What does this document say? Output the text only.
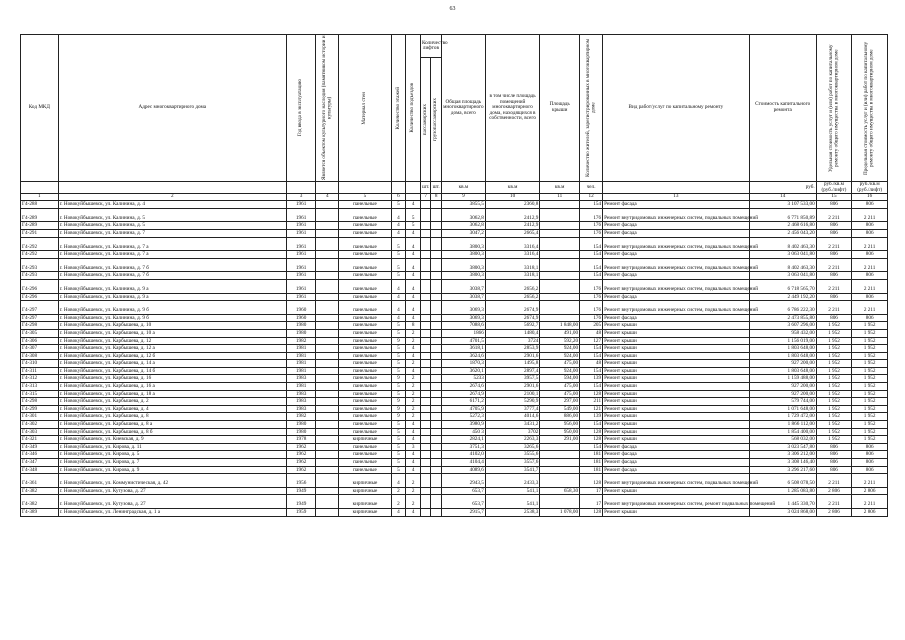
63
Код МКД	Адрес многоквартирного дома	Год ввода в эксплуатацию	Является объектом культурного наследия (памятником истории и культуры)	Материал стен	Количество этажей	Количество подъездов	Количество лифтов		Общая площадь многоквартирного дома, всего	в том числе площадь помещений многоквартирного дома, находящихся в собственности, всего	Площадь крыши	Количество жителей, зарегистрированных в многоквартирном доме	Вид работ/услуг по капитальному ремонту	Стоимость капитального ремонта	Удельная стоимость услуг и (или) работ по капитальному ремонту общего имущества в многоквартирном доме	Предельная стоимость услуг и (или) работ по капитальному ремонту общего имущества в многоквартирном доме

							пассажирских	грузопассажирских								

							шт.	шт.	кв.м	кв.м	кв.м	чел.		руб.	руб./кв.м (руб./лифт)	руб./кв.м (руб./лифт)

1	2	3	4	5	6		7	8	9	10	11	12	13	14	15	16
Г4-288	г. Новокуйбышевск, ул. Калинина, д. 4	1961		панельные	5	4			3855,5	2360,8		154	Ремонт фасада	3 107 533,00	806	806
Г4-289	г. Новокуйбышевск, ул. Калинина, д. 5	1961		панельные	4	5			3062,8	2412,9		176	Ремонт внутридомовых инженерных систем, подвальных помещений	6 771 850,89	2 211	2 211
Г4-289	г. Новокуйбышевск, ул. Калинина, д. 5	1961		панельные	4	5			3062,8	2412,9		176	Ремонт фасада	2 468 616,80	806	806
Г4-291	г. Новокуйбышевск, ул. Калинина, д. 7	1961		панельные	4	4			3047,2	2665,4		176	Ремонт фасада	2 456 043,20	806	806
Г4-292	г. Новокуйбышевск, ул. Калинина, д. 7 а	1961		панельные	5	4			3800,3	3316,4		154	Ремонт внутридомовых инженерных систем, подвальных помещений	8 402 463,30	2 211	2 211
Г4-292	г. Новокуйбышевск, ул. Калинина, д. 7 а	1961		панельные	5	4			3800,3	3316,4		154	Ремонт фасада	3 063 041,80	806	806
Г4-293	г. Новокуйбышевск, ул. Калинина, д. 7 б	1961		панельные	5	4			3800,3	3318,1		154	Ремонт внутридомовых инженерных систем, подвальных помещений	8 402 463,30	2 211	2 211
Г4-293	г. Новокуйбышевск, ул. Калинина, д. 7 б	1961		панельные	5	4			3800,3	3318,1		154	Ремонт фасада	3 063 041,80	806	806
Г4-296	г. Новокуйбышевск, ул. Калинина, д. 9 а	1961		панельные	4	4			3038,7	2656,2		176	Ремонт внутридомовых инженерных систем, подвальных помещений	6 718 565,70	2 211	2 211
Г4-296	г. Новокуйбышевск, ул. Калинина, д. 9 а	1961		панельные	4	4			3038,7	2656,2		176	Ремонт фасада	2 449 192,20	806	806
Г4-297	г. Новокуйбышевск, ул. Калинина, д. 9 б	1960		панельные	4	4			3069,3	2674,9		176	Ремонт внутридомовых инженерных систем, подвальных помещений	6 786 222,30	2 211	2 211
Г4-297	г. Новокуйбышевск, ул. Калинина, д. 9 б	1960		панельные	4	4			3069,3	2674,9		176	Ремонт фасада	2 473 855,80	806	806
Г4-298	г. Новокуйбышевск, ул. Карбышева, д. 10	1980		панельные	5	8			7088,6	5692,7	1 848,00	205	Ремонт крыши	3 607 296,00	1 952	1 952
Г4-305	г. Новокуйбышевск, ул. Карбышева, д. 10 а	1980		панельные	5	2			1866	1480,4	491,00	48	Ремонт крыши	958 432,00	1 952	1 952
Г4-306	г. Новокуйбышевск, ул. Карбышева, д. 12	1982		панельные	9	2			4701,5	3724	592,20	127	Ремонт крыши	1 156 019,00	1 952	1 952
Г4-307	г. Новокуйбышевск, ул. Карбышева, д. 12 а	1981		панельные	5	4			3618,1	2853,9	924,00	154	Ремонт крыши	1 803 648,00	1 952	1 952
Г4-308	г. Новокуйбышевск, ул. Карбышева, д. 12 б	1981		панельные	5	4			3624,6	2901,6	924,00	154	Ремонт крыши	1 803 648,00	1 952	1 952
Г4-310	г. Новокуйбышевск, ул. Карбышева, д. 14 а	1981		панельные	5	2			1870,3	1495,8	475,00	48	Ремонт крыши	927 200,00	1 952	1 952
Г4-311	г. Новокуйбышевск, ул. Карбышева, д. 14 б	1981		панельные	5	4			3620,1	2897,4	924,00	154	Ремонт крыши	1 803 648,00	1 952	1 952
Г4-312	г. Новокуйбышевск, ул. Карбышева, д. 16	1983		панельные	9	2			5233	3957,5	594,00	139	Ремонт крыши	1 159 488,00	1 952	1 952
Г4-313	г. Новокуйбышевск, ул. Карбышева, д. 16 а	1981		панельные	5	2			2674,6	2901,6	475,00	154	Ремонт крыши	927 200,00	1 952	1 952
Г4-315	г. Новокуйбышевск, ул. Карбышева, д. 18 а	1983		панельные	5	2			2674,9	2100,1	475,00	128	Ремонт крыши	927 200,00	1 952	1 952
Г4-298	г. Новокуйбышевск, ул. Карбышева, д. 2	1983		панельные	9	2			6171,2	5290,9	297,00	211	Ремонт крыши	579 744,00	1 952	1 952
Г4-299	г. Новокуйбышевск, ул. Карбышева, д. 4	1983		панельные	9	2			4705,9	3777,4	549,00	121	Ремонт крыши	1 071 648,00	1 952	1 952
Г4-301	г. Новокуйбышевск, ул. Карбышева, д. 8	1982		панельные	9	2			5272,3	4014,6	886,00	139	Ремонт крыши	1 729 472,00	1 952	1 952
Г4-302	г. Новокуйбышевск, ул. Карбышева, д. 8 а	1980		панельные	5	4			3980,9	3431,2	956,00	154	Ремонт крыши	1 866 112,00	1 952	1 952
Г4-303	г. Новокуйбышевск, ул. Карбышева, д. 8 б	1980		панельные	5	4			450 3	3702	950,00	128	Ремонт крыши	1 854 400,00	1 952	1 952
Г4-321	г. Новокуйбышевск, ул. Киевская, д. 9	1978		кирпичные	5	4			2824,1	2263,3	291,00	128	Ремонт крыши	568 032,00	1 952	1 952
Г4-349	г. Новокуйбышевск, ул. Кирова, д. 11	1962		панельные	5	3			3751,3	3265,6		154	Ремонт фасада	3 023 547,80	806	806
Г4-346	г. Новокуйбышевск, ул. Кирова, д. 5	1962		панельные	5	4			4102,0	3555,6		181	Ремонт фасада	3 306 212,00	806	806
Г4-347	г. Новокуйбышевск, ул. Кирова, д. 7	1962		панельные	5	4			4104,4	3557,6		181	Ремонт фасада	3 308 146,40	806	806
Г4-348	г. Новокуйбышевск, ул. Кирова, д. 9	1962		панельные	5	4			4089,6	3541,7		181	Ремонт фасада	3 296 217,60	806	806
Г4-361	г. Новокуйбышевск, ул. Коммунистическая, д. 42	1956		кирпичные	4	2			2943,5	2433,3		128	Ремонт внутридомовых инженерных систем, подвальных помещений	6 508 078,50	2 211	2 211
Г4-382	г. Новокуйбышевск, ул. Кутузова, д. 27	1949		кирпичные	2	2			653,7	541,1	658,30	17	Ремонт крыши	1 285 083,80	2 806	2 806
Г4-382	г. Новокуйбышевск, ул. Кутузова, д. 27	1949		кирпичные	2	2			653,7	541,1		17	Ремонт внутридомовых инженерных систем, ремонт подвальных помещений	1 445 330,70	2 211	2 211
Г4-389	г. Новокуйбышевск, ул. Ленинградская, д. 1 а	1959		кирпичные	4	4			2915,7	2538,3	1 078,00	128	Ремонт крыши	3 024 868,00	2 806	2 806
